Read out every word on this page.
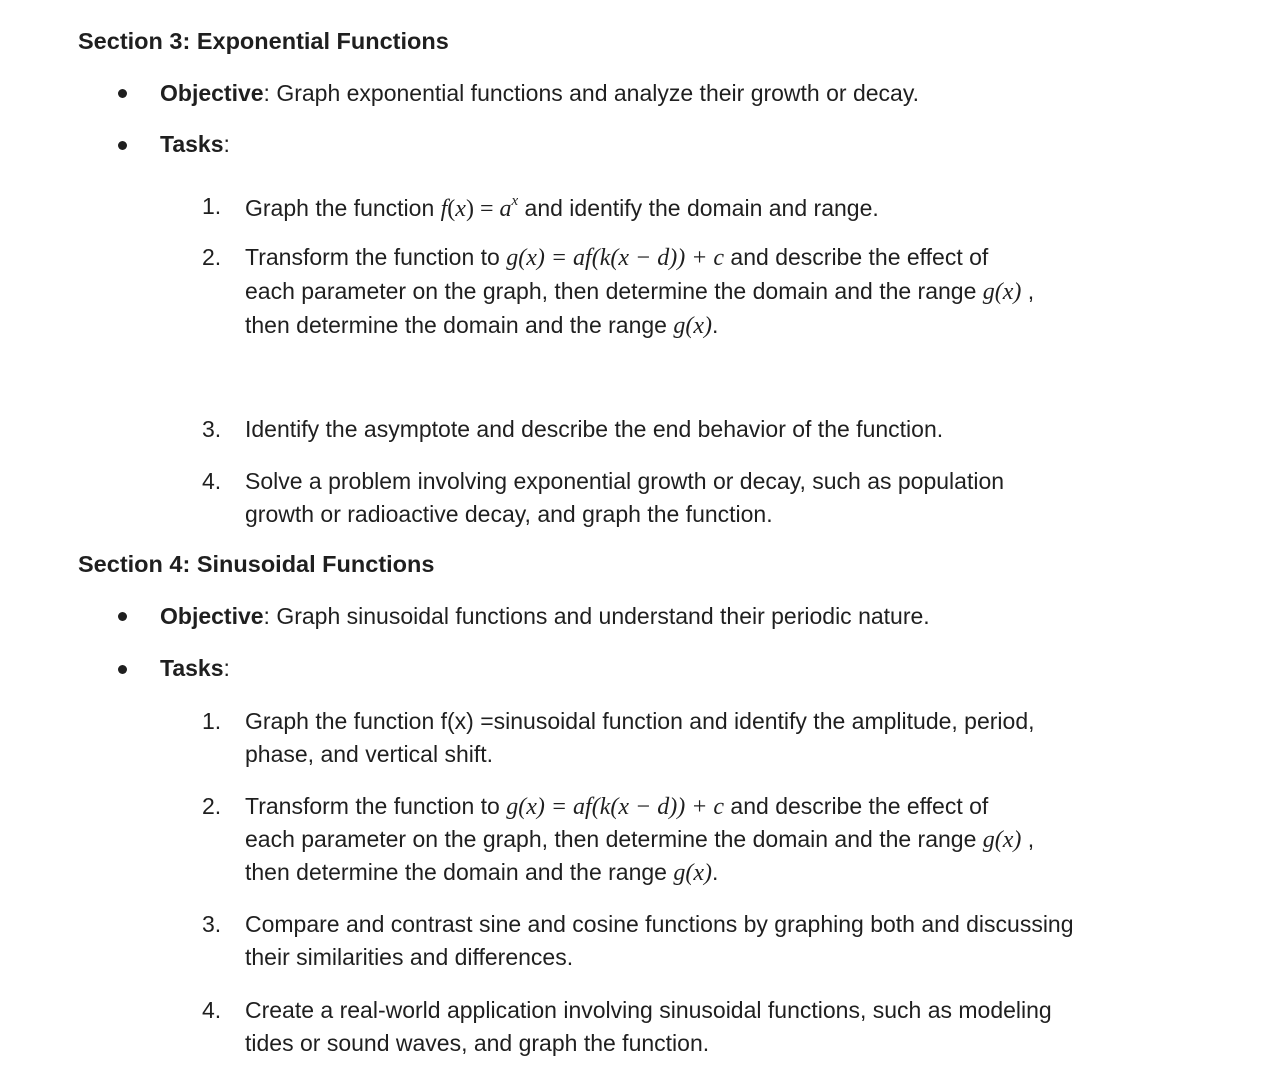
Section 3: Exponential Functions
Objective: Graph exponential functions and analyze their growth or decay.
Tasks:
1. Graph the function $f(x) = a^x$ and identify the domain and range.
2. Transform the function to g(x) = af(k(x − d)) + c and describe the effect of
each parameter on the graph, then determine the domain and the range g(x) ,
then determine the domain and the range g(x).
3. Identify the asymptote and describe the end behavior of the function.
4. Solve a problem involving exponential growth or decay, such as population
growth or radioactive decay, and graph the function.
Section 4: Sinusoidal Functions
Objective: Graph sinusoidal functions and understand their periodic nature.
Tasks:
1. Graph the function f(x) =sinusoidal function and identify the amplitude, period,
phase, and vertical shift.
2. Transform the function to g(x) = af(k(x − d)) + c and describe the effect of
each parameter on the graph, then determine the domain and the range g(x) ,
then determine the domain and the range g(x).
3. Compare and contrast sine and cosine functions by graphing both and discussing
their similarities and differences.
4. Create a real-world application involving sinusoidal functions, such as modeling
tides or sound waves, and graph the function.
